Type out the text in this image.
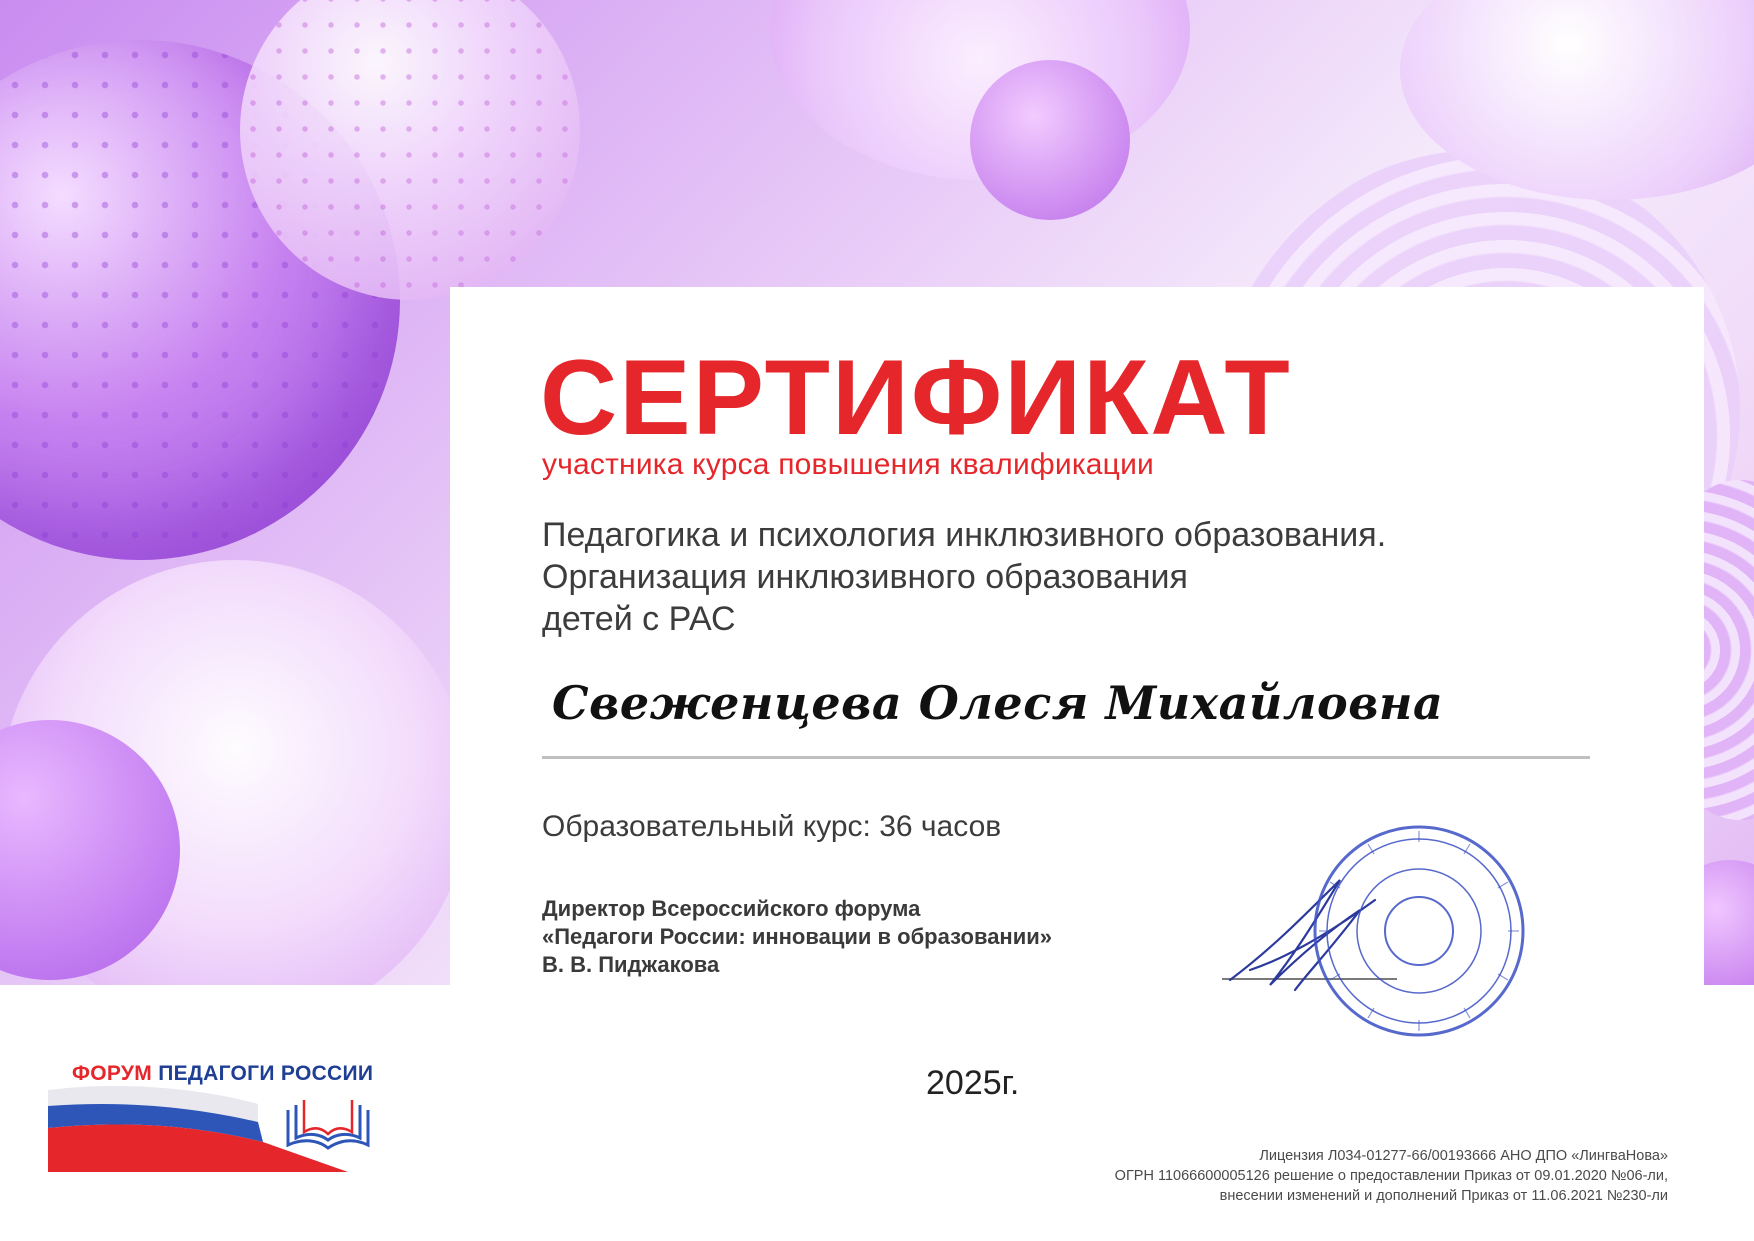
СЕРТИФИКАТ
участника курса повышения квалификации
Педагогика и психология инклюзивного образования.
Организация инклюзивного образования
детей с РАС
Свеженцева Олеся Михайловна
Образовательный курс: 36 часов
Директор Всероссийского форума
«Педагоги России: инновации в образовании»
В. В. Пиджакова
ФОРУМ ПЕДАГОГИ РОССИИ	2025г.
Лицензия Л034-01277-66/00193666 АНО ДПО «ЛингваНова»
ОГРН 11066600005126 решение о предоставлении Приказ от 09.01.2020 №06-ли,
внесении изменений и дополнений Приказ от 11.06.2021 №230-ли
